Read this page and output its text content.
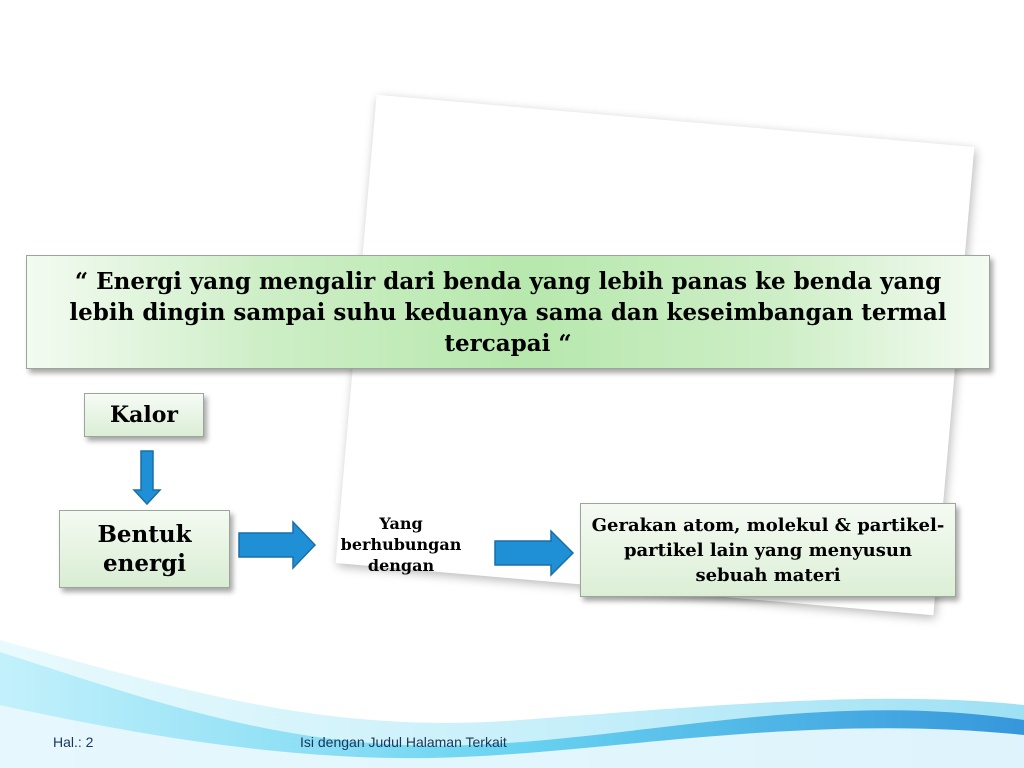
“ Energi yang mengalir dari benda yang lebih panas ke benda yang lebih dingin sampai suhu keduanya sama dan keseimbangan termal tercapai “
Kalor
Bentuk
energi
Yang
berhubungan
dengan
Gerakan atom, molekul & partikel-partikel lain yang menyusun sebuah materi
Hal.: 2	Isi dengan Judul Halaman Terkait
